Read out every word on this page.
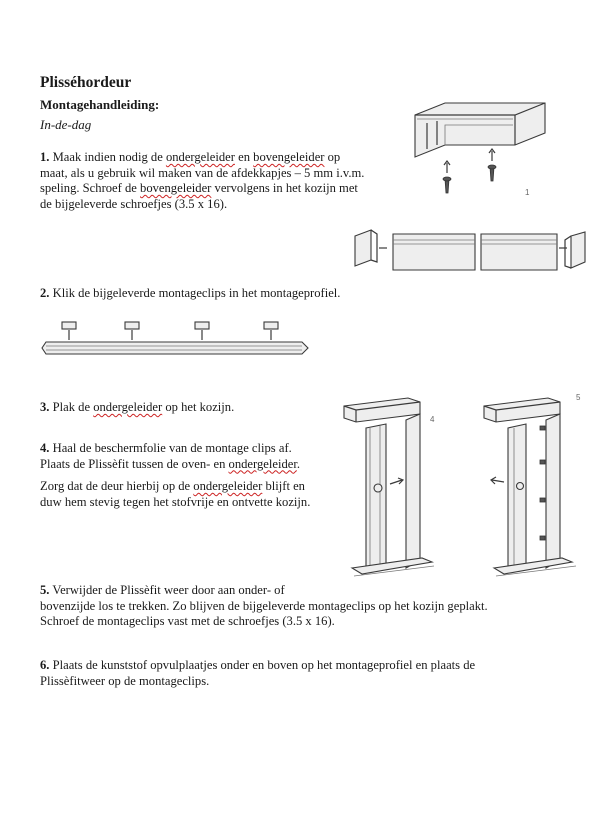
Plisséhordeur
Montagehandleiding:
In-de-dag
1. Maak indien nodig de ondergeleider en bovengeleider op
maat, als u gebruik wil maken van de afdekkapjes – 5 mm i.v.m.
speling. Schroef de bovengeleider vervolgens in het kozijn met
de bijgeleverde schroefjes (3.5 x 16).
2. Klik de bijgeleverde montageclips in het montageprofiel.
3. Plak de ondergeleider op het kozijn.
4. Haal de beschermfolie van de montage clips af.
Plaats de Plissèfit tussen de oven- en ondergeleider.
Zorg dat de deur hierbij op de ondergeleider blijft en
duw hem stevig tegen het stofvrije en ontvette kozijn.
5. Verwijder de Plissèfit weer door aan onder- of
bovenzijde los te trekken. Zo blijven de bijgeleverde montageclips op het kozijn geplakt.
Schroef de montageclips vast met de schroefjes (3.5 x 16).
6. Plaats de kunststof opvulplaatjes onder en boven op het montageprofiel en plaats de
Plissèfitweer op de montageclips.
1
4
5
